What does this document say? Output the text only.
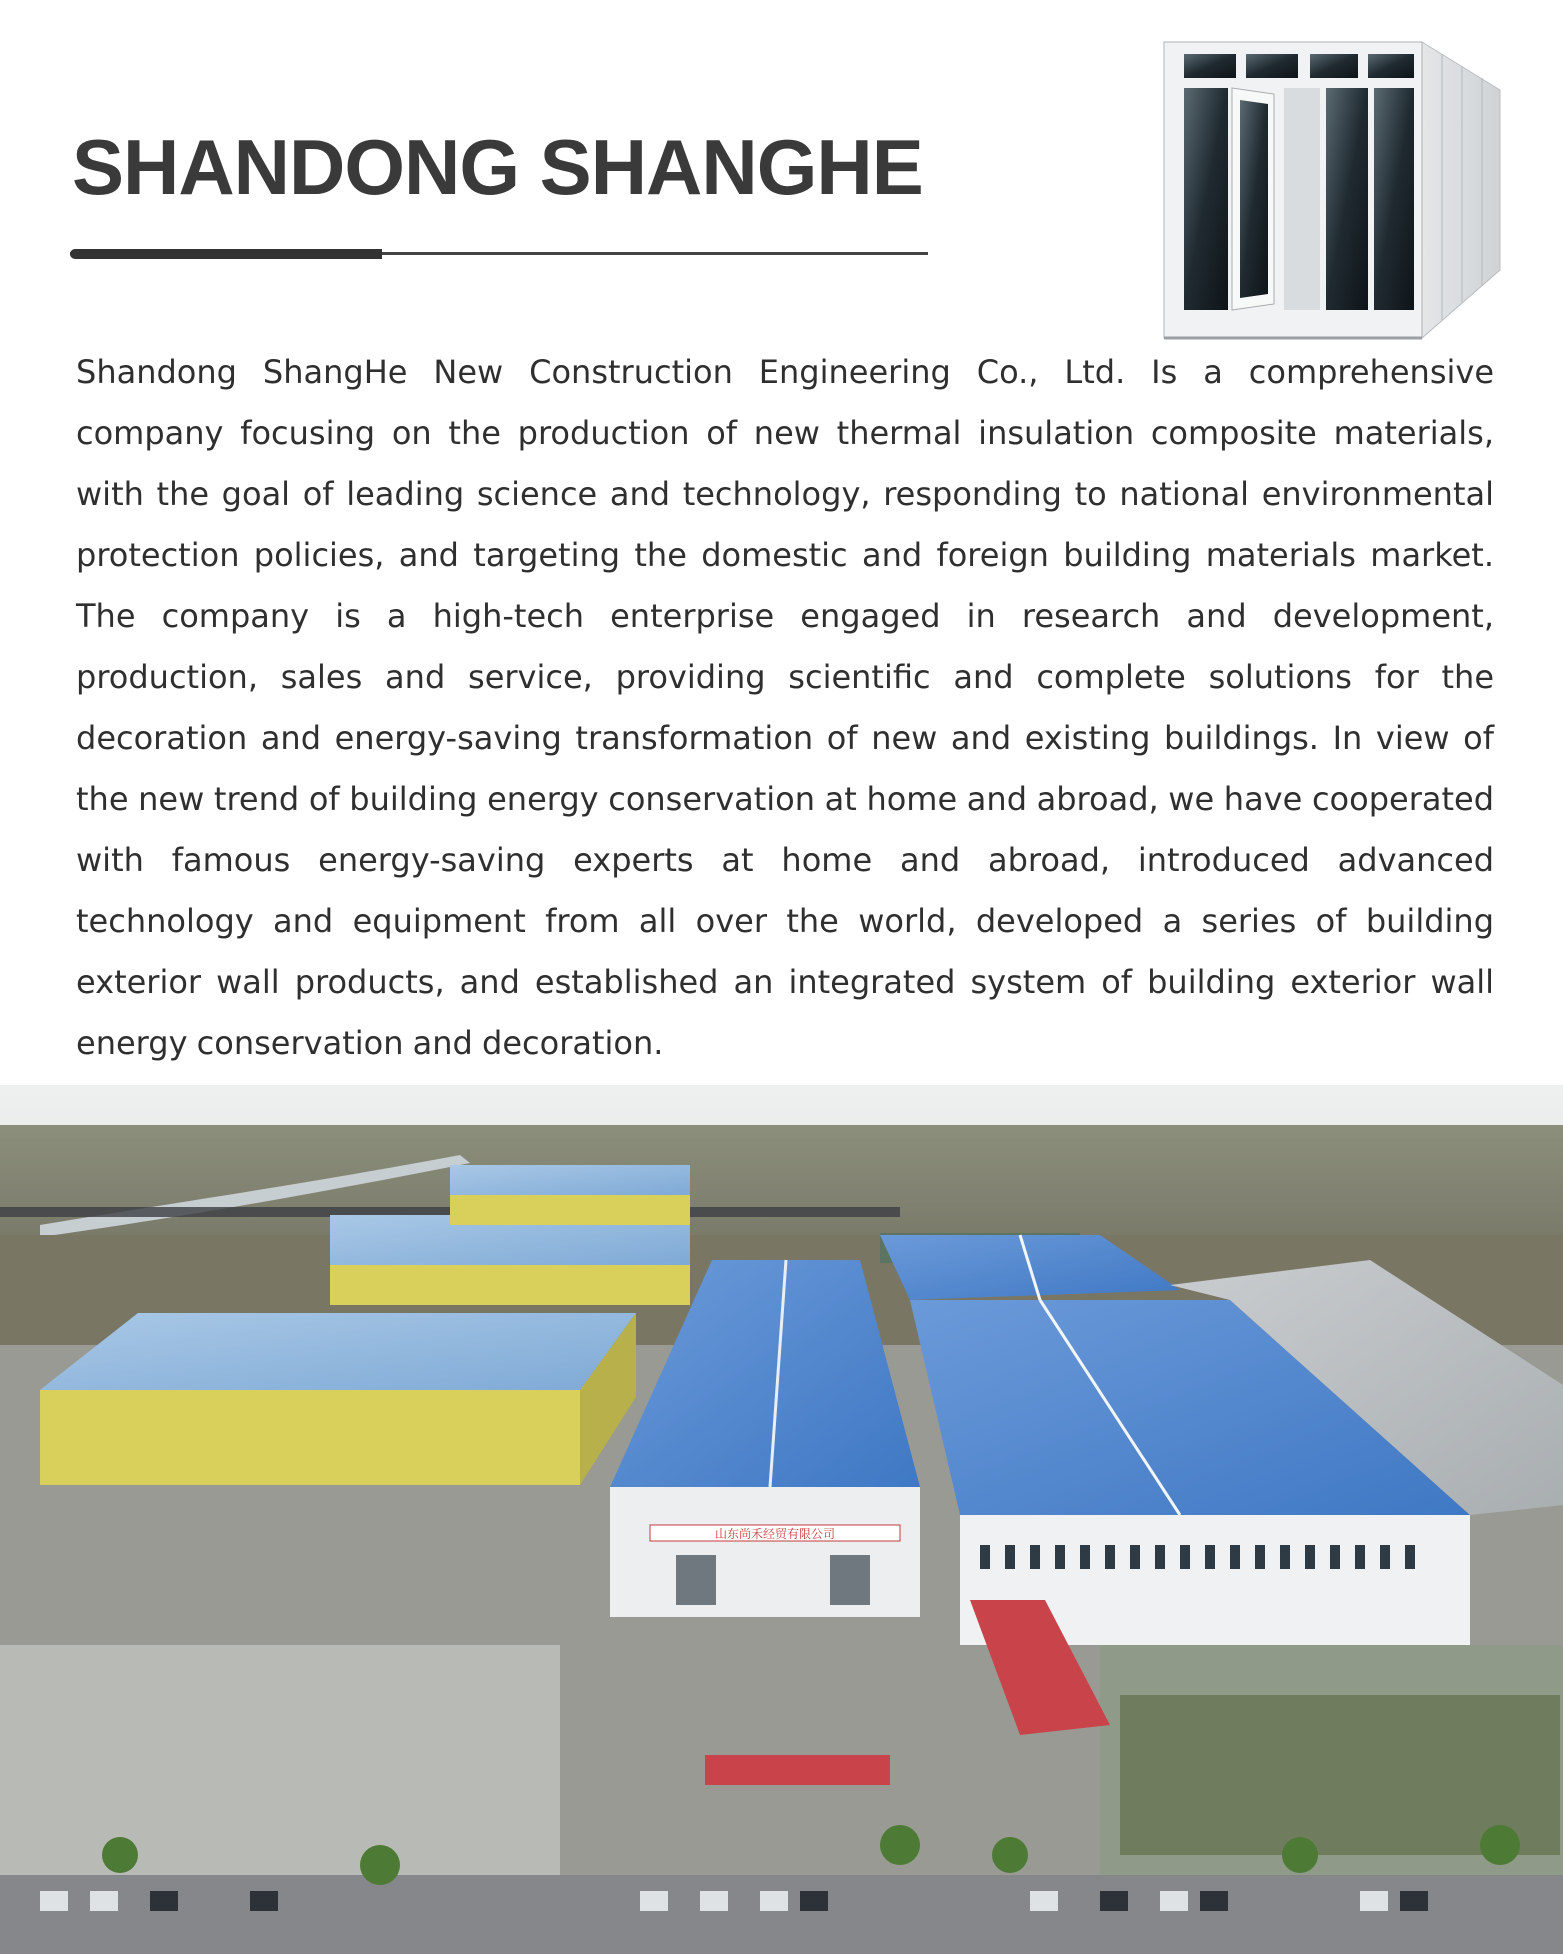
SHANDONG SHANGHE

Shandong ShangHe New Construction Engineering Co., Ltd. Is a comprehensive company focusing on the production of new thermal insulation composite materials, with the goal of leading science and technology, responding to national environmental protection policies, and targeting the domestic and foreign building materials market. The company is a high-tech enterprise engaged in research and development, production, sales and service, providing scientific and complete solutions for the decoration and energy-saving transformation of new and existing buildings. In view of the new trend of building energy conservation at home and abroad, we have cooperated with famous energy-saving experts at home and abroad, introduced advanced technology and equipment from all over the world, developed a series of building exterior wall products, and established an integrated system of building exterior wall energy conservation and decoration.

山东尚禾经贸有限公司
